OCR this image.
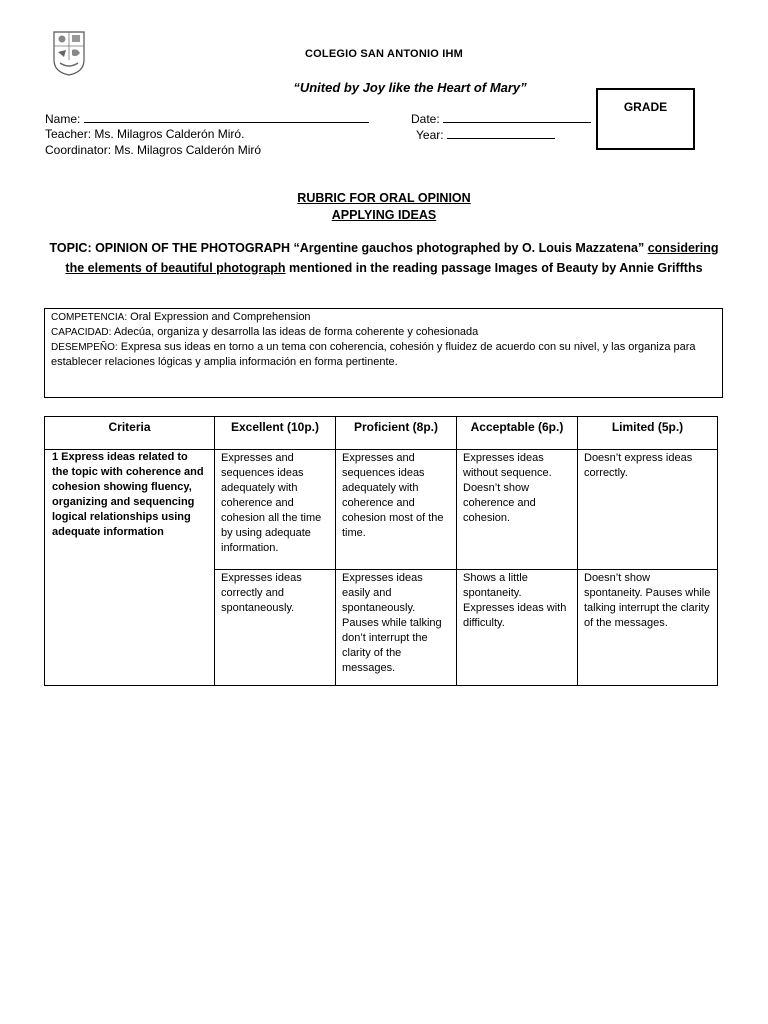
COLEGIO SAN ANTONIO IHM
“United by Joy like the Heart of Mary”
GRADE
Name:	Date:
Teacher: Ms. Milagros Calderón Miró.	Year:
Coordinator: Ms. Milagros Calderón Miró
RUBRIC FOR ORAL OPINION
APPLYING IDEAS
TOPIC: OPINION OF THE PHOTOGRAPH “Argentine gauchos photographed by O. Louis Mazzatena” considering the elements of beautiful photograph mentioned in the reading passage Images of Beauty by Annie Griffths
COMPETENCIA: Oral Expression and Comprehension
CAPACIDAD: Adecúa, organiza y desarrolla las ideas de forma coherente y cohesionada
DESEMPEÑO: Expresa sus ideas en torno a un tema con coherencia, cohesión y fluidez de acuerdo con su nivel, y las organiza para establecer relaciones lógicas y amplia información en forma pertinente.
Criteria	Excellent (10p.)	Proficient (8p.)	Acceptable (6p.)	Limited (5p.)
1 Express ideas related to the topic with coherence and cohesion showing fluency, organizing and sequencing logical relationships using adequate information	Expresses and sequences ideas adequately with coherence and cohesion all the time by using adequate information.	Expresses and sequences ideas adequately with coherence and cohesion most of the time.	Expresses ideas without sequence. Doesn’t show coherence and cohesion.	Doesn’t express ideas correctly.
	Expresses ideas correctly and spontaneously.	Expresses ideas easily and spontaneously. Pauses while talking don’t interrupt the clarity of the messages.	Shows a little spontaneity. Expresses ideas with difficulty.	Doesn’t show spontaneity. Pauses while talking interrupt the clarity of the messages.
